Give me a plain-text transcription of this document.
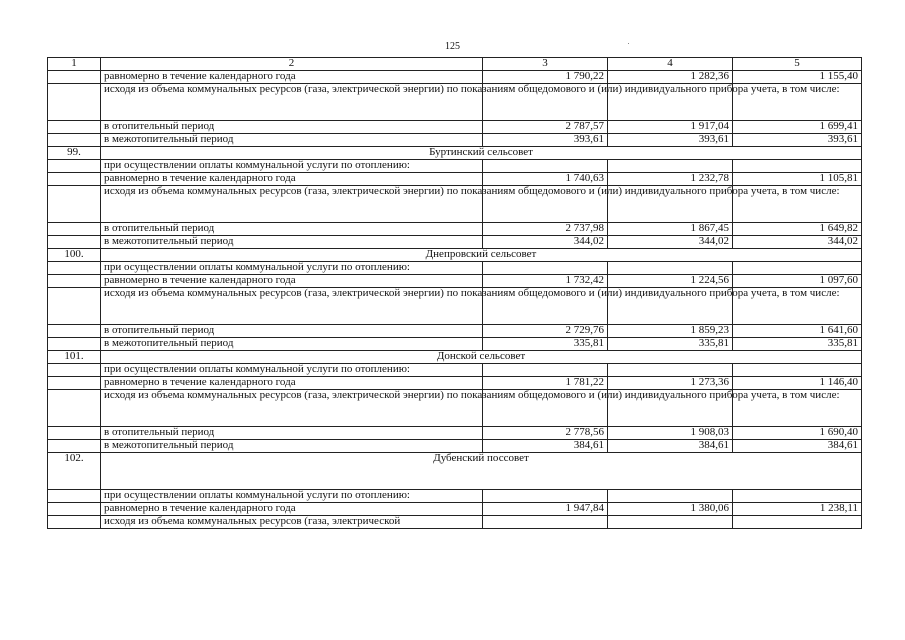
125
1	2	3	4	5
	равномерно в течение календарного года	1 790,22	1 282,36	1 155,40
	исходя из объема коммунальных ресурсов (газа, электрической энергии) по показаниям общедомового и (или) индивидуального прибора учета, в том числе:			
	в отопительный период	2 787,57	1 917,04	1 699,41
	в межотопительный период	393,61	393,61	393,61
99.	Буртинский сельсовет			
	при осуществлении оплаты коммунальной услуги по отоплению:			
	равномерно в течение календарного года	1 740,63	1 232,78	1 105,81
	исходя из объема коммунальных ресурсов (газа, электрической энергии) по показаниям общедомового и (или) индивидуального прибора учета, в том числе:			
	в отопительный период	2 737,98	1 867,45	1 649,82
	в межотопительный период	344,02	344,02	344,02
100.	Днепровский сельсовет			
	при осуществлении оплаты коммунальной услуги по отоплению:			
	равномерно в течение календарного года	1 732,42	1 224,56	1 097,60
	исходя из объема коммунальных ресурсов (газа, электрической энергии) по показаниям общедомового и (или) индивидуального прибора учета, в том числе:			
	в отопительный период	2 729,76	1 859,23	1 641,60
	в межотопительный период	335,81	335,81	335,81
101.	Донской сельсовет			
	при осуществлении оплаты коммунальной услуги по отоплению:			
	равномерно в течение календарного года	1 781,22	1 273,36	1 146,40
	исходя из объема коммунальных ресурсов (газа, электрической энергии) по показаниям общедомового и (или) индивидуального прибора учета, в том числе:			
	в отопительный период	2 778,56	1 908,03	1 690,40
	в межотопительный период	384,61	384,61	384,61
102.	Дубенский поссовет			
	при осуществлении оплаты коммунальной услуги по отоплению:			
	равномерно в течение календарного года	1 947,84	1 380,06	1 238,11
	исходя из объема коммунальных ресурсов (газа, электрической			
